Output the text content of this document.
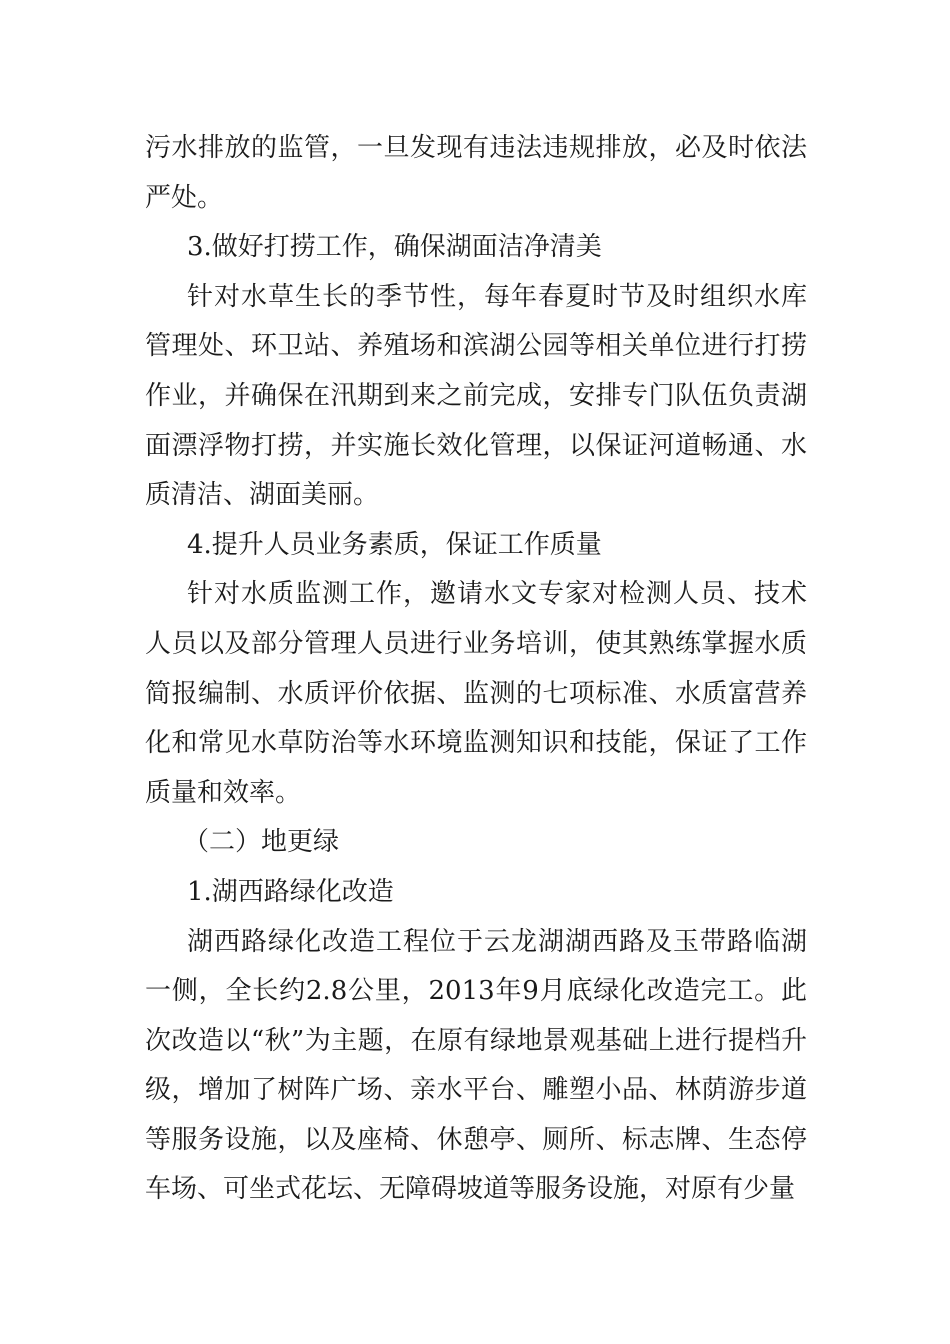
污水排放的监管，一旦发现有违法违规排放，必及时依法严处。

3.做好打捞工作，确保湖面洁净清美

针对水草生长的季节性，每年春夏时节及时组织水库管理处、环卫站、养殖场和滨湖公园等相关单位进行打捞作业，并确保在汛期到来之前完成，安排专门队伍负责湖面漂浮物打捞，并实施长效化管理，以保证河道畅通、水质清洁、湖面美丽。

4.提升人员业务素质，保证工作质量

针对水质监测工作，邀请水文专家对检测人员、技术人员以及部分管理人员进行业务培训，使其熟练掌握水质简报编制、水质评价依据、监测的七项标准、水质富营养化和常见水草防治等水环境监测知识和技能，保证了工作质量和效率。

（二）地更绿

1.湖西路绿化改造

湖西路绿化改造工程位于云龙湖湖西路及玉带路临湖一侧，全长约2.8公里，2013年9月底绿化改造完工。此次改造以“秋”为主题，在原有绿地景观基础上进行提档升级，增加了树阵广场、亲水平台、雕塑小品、林荫游步道等服务设施，以及座椅、休憩亭、厕所、标志牌、生态停车场、可坐式花坛、无障碍坡道等服务设施，对原有少量
